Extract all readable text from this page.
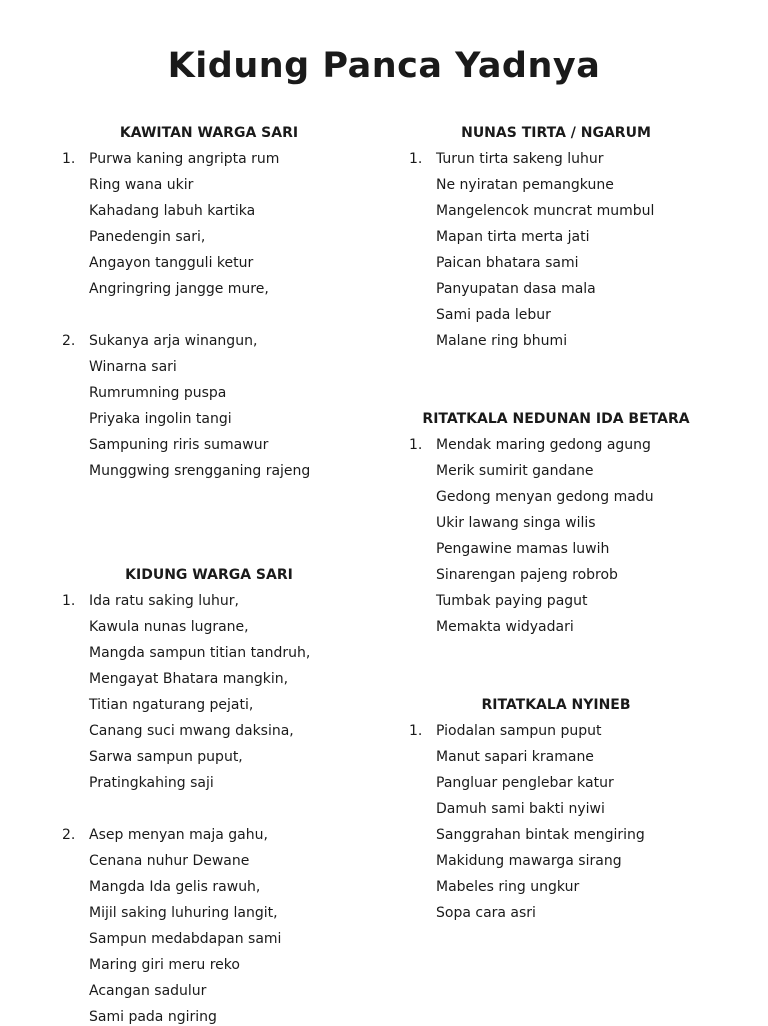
Kidung Panca Yadnya
KAWITAN WARGA SARI
1. Purwa kaning angripta rum
Ring wana ukir
Kahadang labuh kartika
Panedengin sari,
Angayon tangguli ketur
Angringring jangge mure,
2. Sukanya arja winangun,
Winarna sari
Rumrumning puspa
Priyaka ingolin tangi
Sampuning riris sumawur
Munggwing srengganing rajeng
KIDUNG WARGA SARI
1. Ida ratu saking luhur,
Kawula nunas lugrane,
Mangda sampun titian tandruh,
Mengayat Bhatara mangkin,
Titian ngaturang pejati,
Canang suci mwang daksina,
Sarwa sampun puput,
Pratingkahing saji
2. Asep menyan maja gahu,
Cenana nuhur Dewane
Mangda Ida gelis rawuh,
Mijil saking luhuring langit,
Sampun medabdapan sami
Maring giri meru reko
Acangan sadulur
Sami pada ngiring
NUNAS TIRTA / NGARUM
1. Turun tirta sakeng luhur
Ne nyiratan pemangkune
Mangelencok muncrat mumbul
Mapan tirta merta jati
Paican bhatara sami
Panyupatan dasa mala
Sami pada lebur
Malane ring bhumi
RITATKALA NEDUNAN IDA BETARA
1. Mendak maring gedong agung
Merik sumirit gandane
Gedong menyan gedong madu
Ukir lawang singa wilis
Pengawine mamas luwih
Sinarengan pajeng robrob
Tumbak paying pagut
Memakta widyadari
RITATKALA NYINEB
1. Piodalan sampun puput
Manut sapari kramane
Pangluar penglebar katur
Damuh sami bakti nyiwi
Sanggrahan bintak mengiring
Makidung mawarga sirang
Mabeles ring ungkur
Sopa cara asri
